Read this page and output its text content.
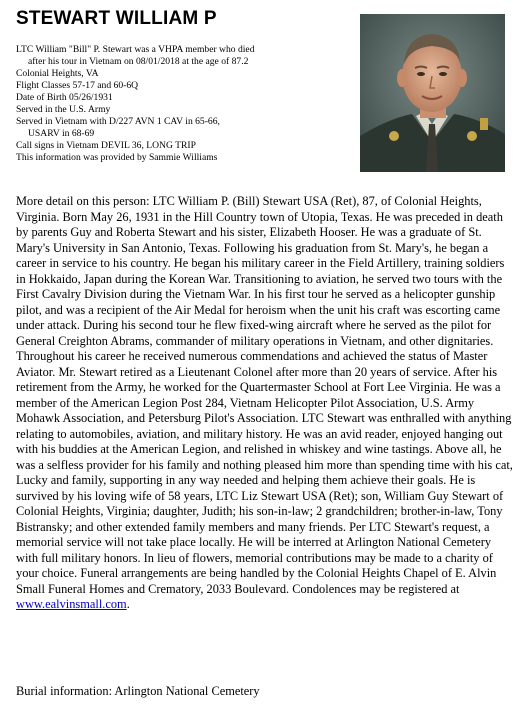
STEWART WILLIAM P
LTC William "Bill" P. Stewart was a VHPA member who died
after his tour in Vietnam on 08/01/2018 at the age of 87.2
Colonial Heights, VA
Flight Classes 57-17 and 60-6Q
Date of Birth 05/26/1931
Served in the U.S. Army
Served in Vietnam with D/227 AVN 1 CAV in 65-66,
USARV in 68-69
Call signs in Vietnam DEVIL 36, LONG TRIP
This information was provided by Sammie Williams

More detail on this person: LTC William P. (Bill) Stewart USA (Ret), 87, of Colonial Heights, Virginia. Born May 26, 1931 in the Hill Country town of Utopia, Texas. He was preceded in death by parents Guy and Roberta Stewart and his sister, Elizabeth Hooser. He was a graduate of St. Mary's University in San Antonio, Texas. Following his graduation from St. Mary's, he began a career in service to his country. He began his military career in the Field Artillery, training soldiers in Hokkaido, Japan during the Korean War. Transitioning to aviation, he served two tours with the First Cavalry Division during the Vietnam War. In his first tour he served as a helicopter gunship pilot, and was a recipient of the Air Medal for heroism when the unit his craft was escorting came under attack. During his second tour he flew fixed-wing aircraft where he served as the pilot for General Creighton Abrams, commander of military operations in Vietnam, and other dignitaries. Throughout his career he received numerous commendations and achieved the status of Master Aviator. Mr. Stewart retired as a Lieutenant Colonel after more than 20 years of service. After his retirement from the Army, he worked for the Quartermaster School at Fort Lee Virginia. He was a member of the American Legion Post 284, Vietnam Helicopter Pilot Association, U.S. Army Mohawk Association, and Petersburg Pilot's Association. LTC Stewart was enthralled with anything relating to automobiles, aviation, and military history. He was an avid reader, enjoyed hanging out with his buddies at the American Legion, and relished in whiskey and wine tastings. Above all, he was a selfless provider for his family and nothing pleased him more than spending time with his cat, Lucky and family, supporting in any way needed and helping them achieve their goals. He is survived by his loving wife of 58 years, LTC Liz Stewart USA (Ret); son, William Guy Stewart of Colonial Heights, Virginia; daughter, Judith; his son-in-law; 2 grandchildren; brother-in-law, Tony Bistransky; and other extended family members and many friends. Per LTC Stewart's request, a memorial service will not take place locally. He will be interred at Arlington National Cemetery with full military honors. In lieu of flowers, memorial contributions may be made to a charity of your choice. Funeral arrangements are being handled by the Colonial Heights Chapel of E. Alvin Small Funeral Homes and Crematory, 2033 Boulevard. Condolences may be registered at www.ealvinsmall.com.

Burial information: Arlington National Cemetery
